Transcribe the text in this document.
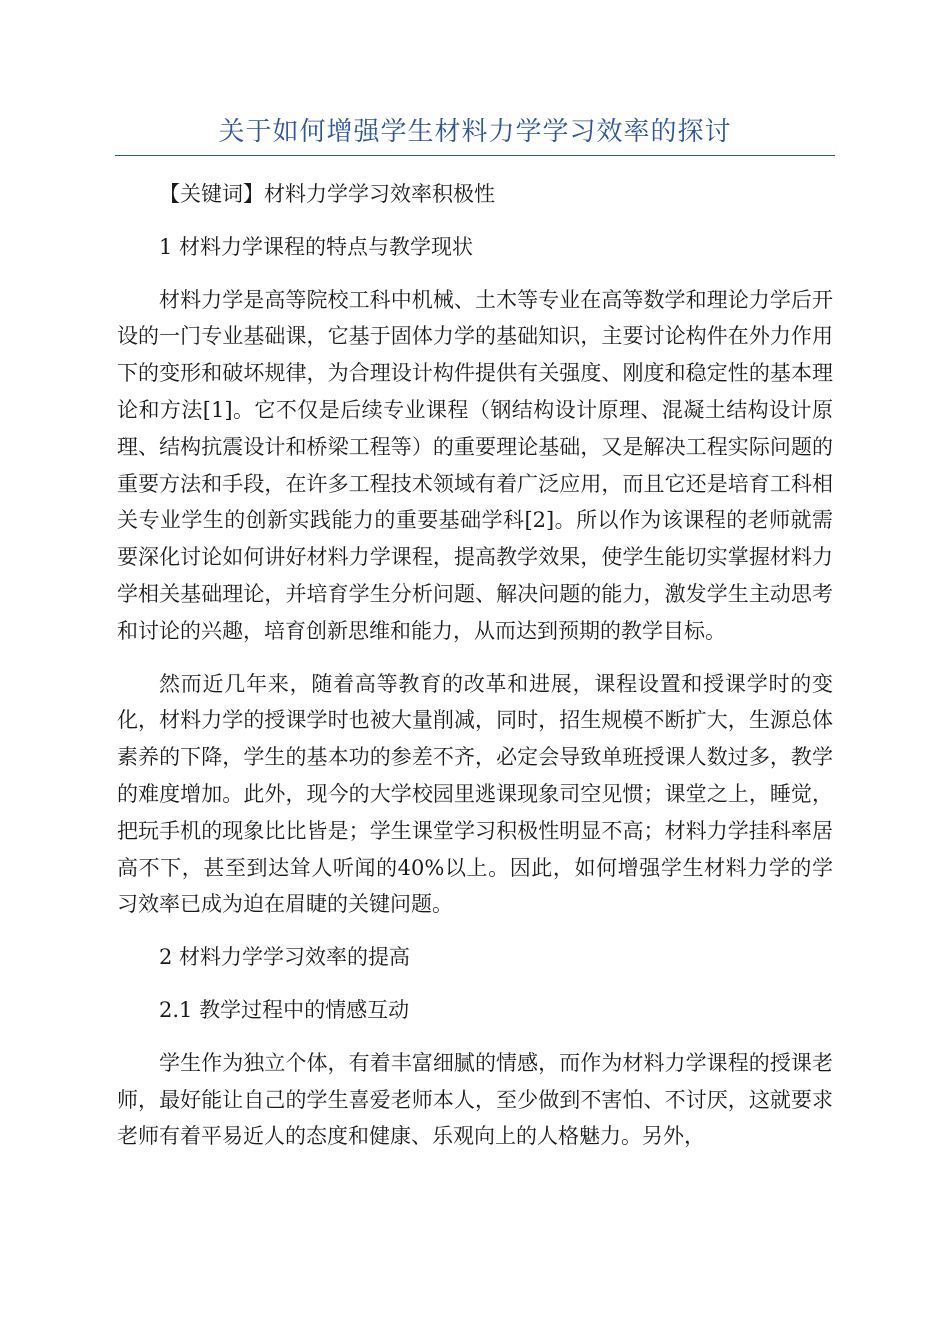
关于如何增强学生材料力学学习效率的探讨

【关键词】材料力学学习效率积极性

1 材料力学课程的特点与教学现状

材料力学是高等院校工科中机械、土木等专业在高等数学和理论力学后开设的一门专业基础课，它基于固体力学的基础知识，主要讨论构件在外力作用下的变形和破坏规律，为合理设计构件提供有关强度、刚度和稳定性的基本理论和方法[1]。它不仅是后续专业课程（钢结构设计原理、混凝土结构设计原理、结构抗震设计和桥梁工程等）的重要理论基础，又是解决工程实际问题的重要方法和手段，在许多工程技术领域有着广泛应用，而且它还是培育工科相关专业学生的创新实践能力的重要基础学科[2]。所以作为该课程的老师就需要深化讨论如何讲好材料力学课程，提高教学效果，使学生能切实掌握材料力学相关基础理论，并培育学生分析问题、解决问题的能力，激发学生主动思考和讨论的兴趣，培育创新思维和能力，从而达到预期的教学目标。

然而近几年来，随着高等教育的改革和进展，课程设置和授课学时的变化，材料力学的授课学时也被大量削减，同时，招生规模不断扩大，生源总体素养的下降，学生的基本功的参差不齐，必定会导致单班授课人数过多，教学的难度增加。此外，现今的大学校园里逃课现象司空见惯；课堂之上，睡觉，把玩手机的现象比比皆是；学生课堂学习积极性明显不高；材料力学挂科率居高不下，甚至到达耸人听闻的40%以上。因此，如何增强学生材料力学的学习效率已成为迫在眉睫的关键问题。

2 材料力学学习效率的提高

2.1 教学过程中的情感互动

学生作为独立个体，有着丰富细腻的情感，而作为材料力学课程的授课老师，最好能让自己的学生喜爱老师本人，至少做到不害怕、不讨厌，这就要求老师有着平易近人的态度和健康、乐观向上的人格魅力。另外，
